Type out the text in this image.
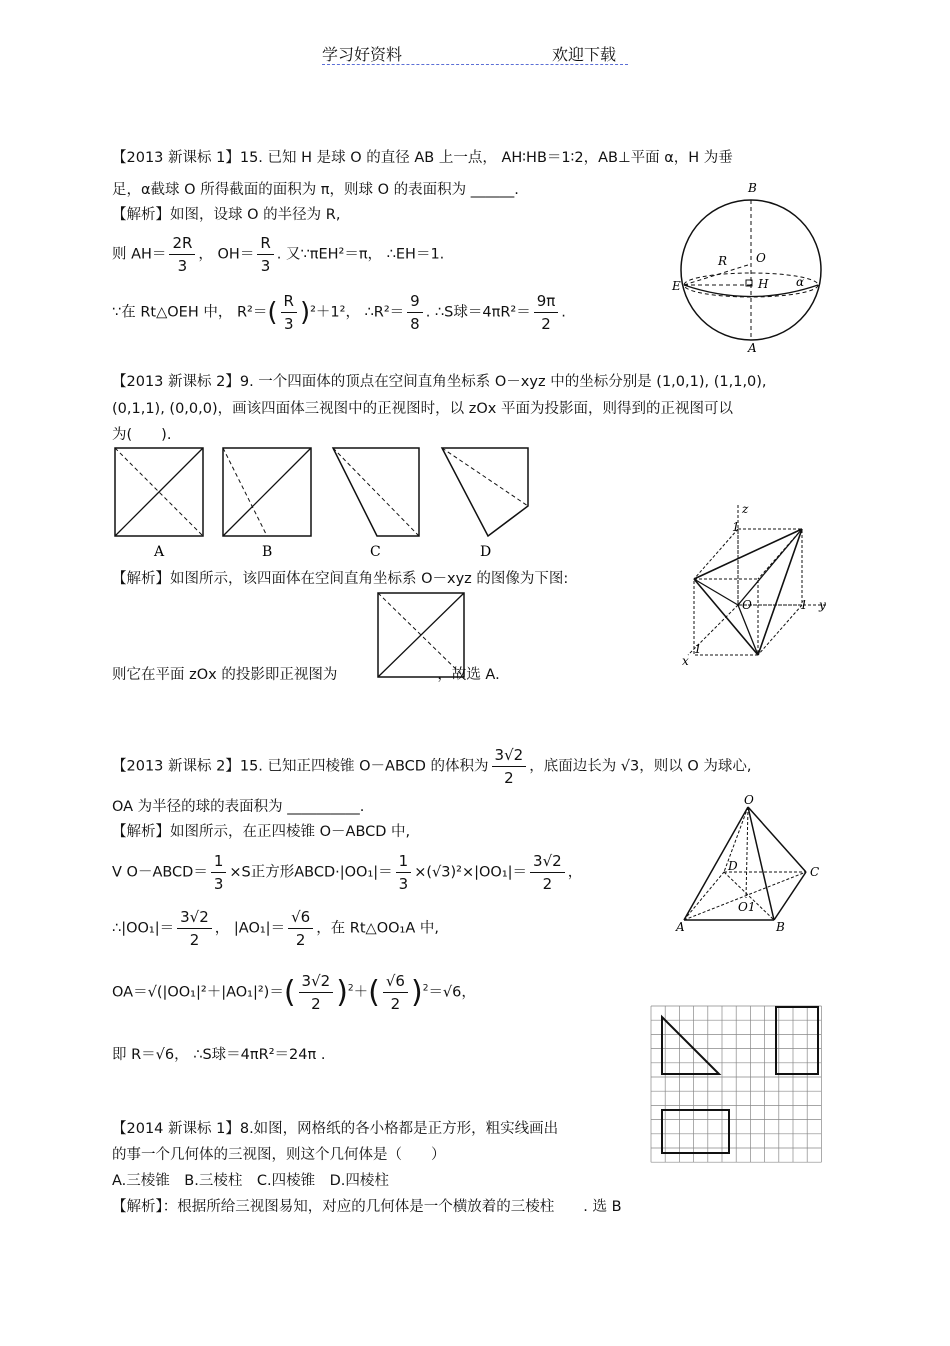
学习好资料	欢迎下载
【2013 新课标 1】15. 已知 H 是球 O 的直径 AB 上一点， AH∶HB＝1∶2，AB⊥平面 α，H 为垂
足，α截球 O 所得截面的面积为 π，则球 O 的表面积为 ______.
【解析】如图，设球 O 的半径为 R,
则 $AH= \frac{2R}{3}$ ， $OH= \frac{R}{3}$ . 又∵πEH²＝π， ∴EH＝1.
∵在 Rt△OEH 中， $R^2=( \frac{R}{3} )^2+1^2$， ∴R²＝ $\frac{9}{8}$ . ∴S球$=4\pi R^2= \frac{9\pi}{2}$ .
B
R O
E	H α
A
【2013 新课标 2】9. 一个四面体的顶点在空间直角坐标系 O－xyz 中的坐标分别是 (1,0,1), (1,1,0),
(0,1,1), (0,0,0)，画该四面体三视图中的正视图时，以 zOx 平面为投影面，则得到的正视图可以
为(　　).
A	B	C	D
【解析】如图所示，该四面体在空间直角坐标系 O－xyz 的图像为下图:
则它在平面 zOx 的投影即正视图为	，故选 A.
z
1
O	1 y
1
x
【2013 新课标 2】15. 已知正四棱锥 O－ABCD 的体积为 $\frac{3√2}{2}$ ，底面边长为 √3，则以 O 为球心,
OA 为半径的球的表面积为 __________.
【解析】如图所示，在正四棱锥 O－ABCD 中,
V O－ABCD＝ $\frac{1}{3} \times S$正方形ABCD·|OO₁|＝ $\frac{1}{3} \times(√3)^2\times|OO_1|= \frac{3√2}{2}$ ，
∴|OO₁|＝ $\frac{3√2}{2}$ ， $|AO_1|= \frac{√6}{2}$ ，在 Rt△OO₁A 中,
$OA=√(|OO_1|^2+|AO_1|^2)=( \frac{3√2}{2} )^2+( \frac{√6}{2} )^2=√6$，
即 R＝√6， ∴S球＝4πR²＝24π .
O
D	C
O1
A	B
【2014 新课标 1】8.如图，网格纸的各小格都是正方形，粗实线画出
的事一个几何体的三视图，则这个几何体是（　　）
A.三棱锥　B.三棱柱　C.四棱锥　D.四棱柱
【解析】：根据所给三视图易知，对应的几何体是一个横放着的三棱柱　　. 选 B
